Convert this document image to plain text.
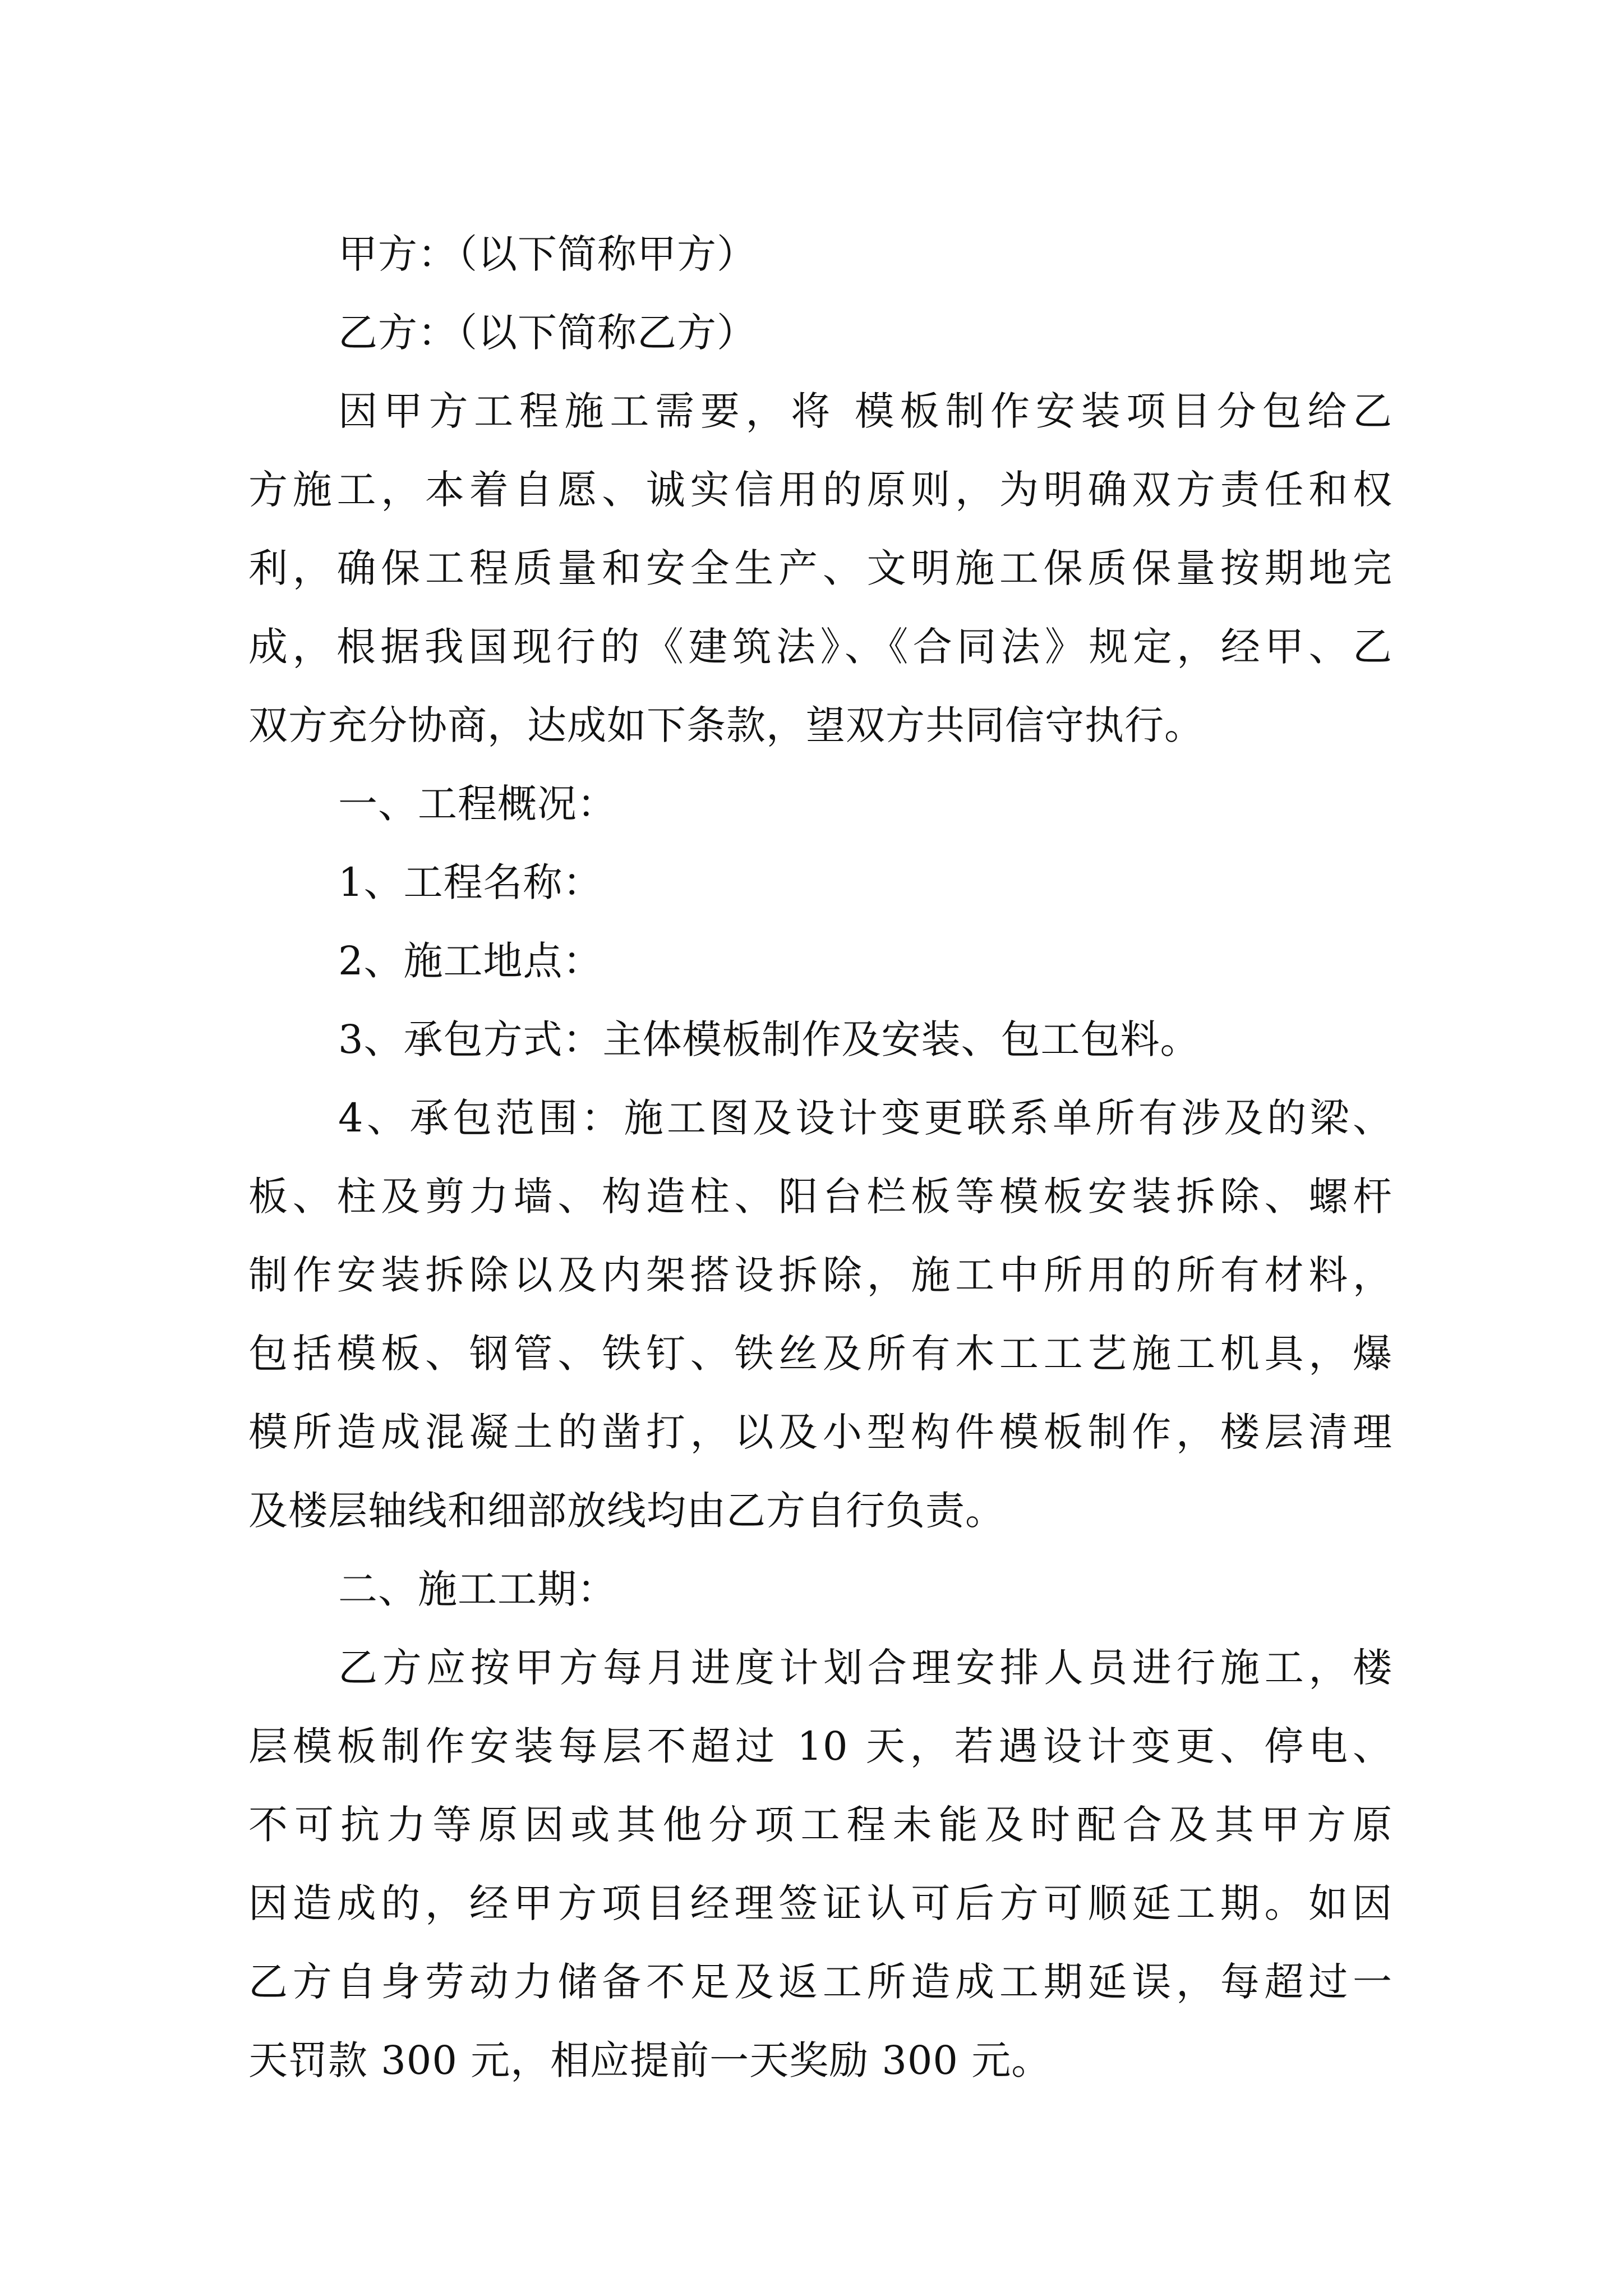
甲方：（以下简称甲方）
乙方：（以下简称乙方）
因甲方工程施工需要，将 模板制作安装项目分包给乙
方施工，本着自愿、诚实信用的原则，为明确双方责任和权
利，确保工程质量和安全生产、文明施工保质保量按期地完
成，根据我国现行的《建筑法》、《合同法》规定，经甲、乙
双方充分协商，达成如下条款，望双方共同信守执行。
一、工程概况：
1、工程名称：
2、施工地点：
3、承包方式：主体模板制作及安装、包工包料。
4、承包范围：施工图及设计变更联系单所有涉及的梁、
板、柱及剪力墙、构造柱、阳台栏板等模板安装拆除、螺杆
制作安装拆除以及内架搭设拆除，施工中所用的所有材料，
包括模板、钢管、铁钉、铁丝及所有木工工艺施工机具，爆
模所造成混凝土的凿打，以及小型构件模板制作，楼层清理
及楼层轴线和细部放线均由乙方自行负责。
二、施工工期：
乙方应按甲方每月进度计划合理安排人员进行施工，楼
层模板制作安装每层不超过 10 天，若遇设计变更、停电、
不可抗力等原因或其他分项工程未能及时配合及其甲方原
因造成的，经甲方项目经理签证认可后方可顺延工期。如因
乙方自身劳动力储备不足及返工所造成工期延误，每超过一
天罚款 300 元，相应提前一天奖励 300 元。
